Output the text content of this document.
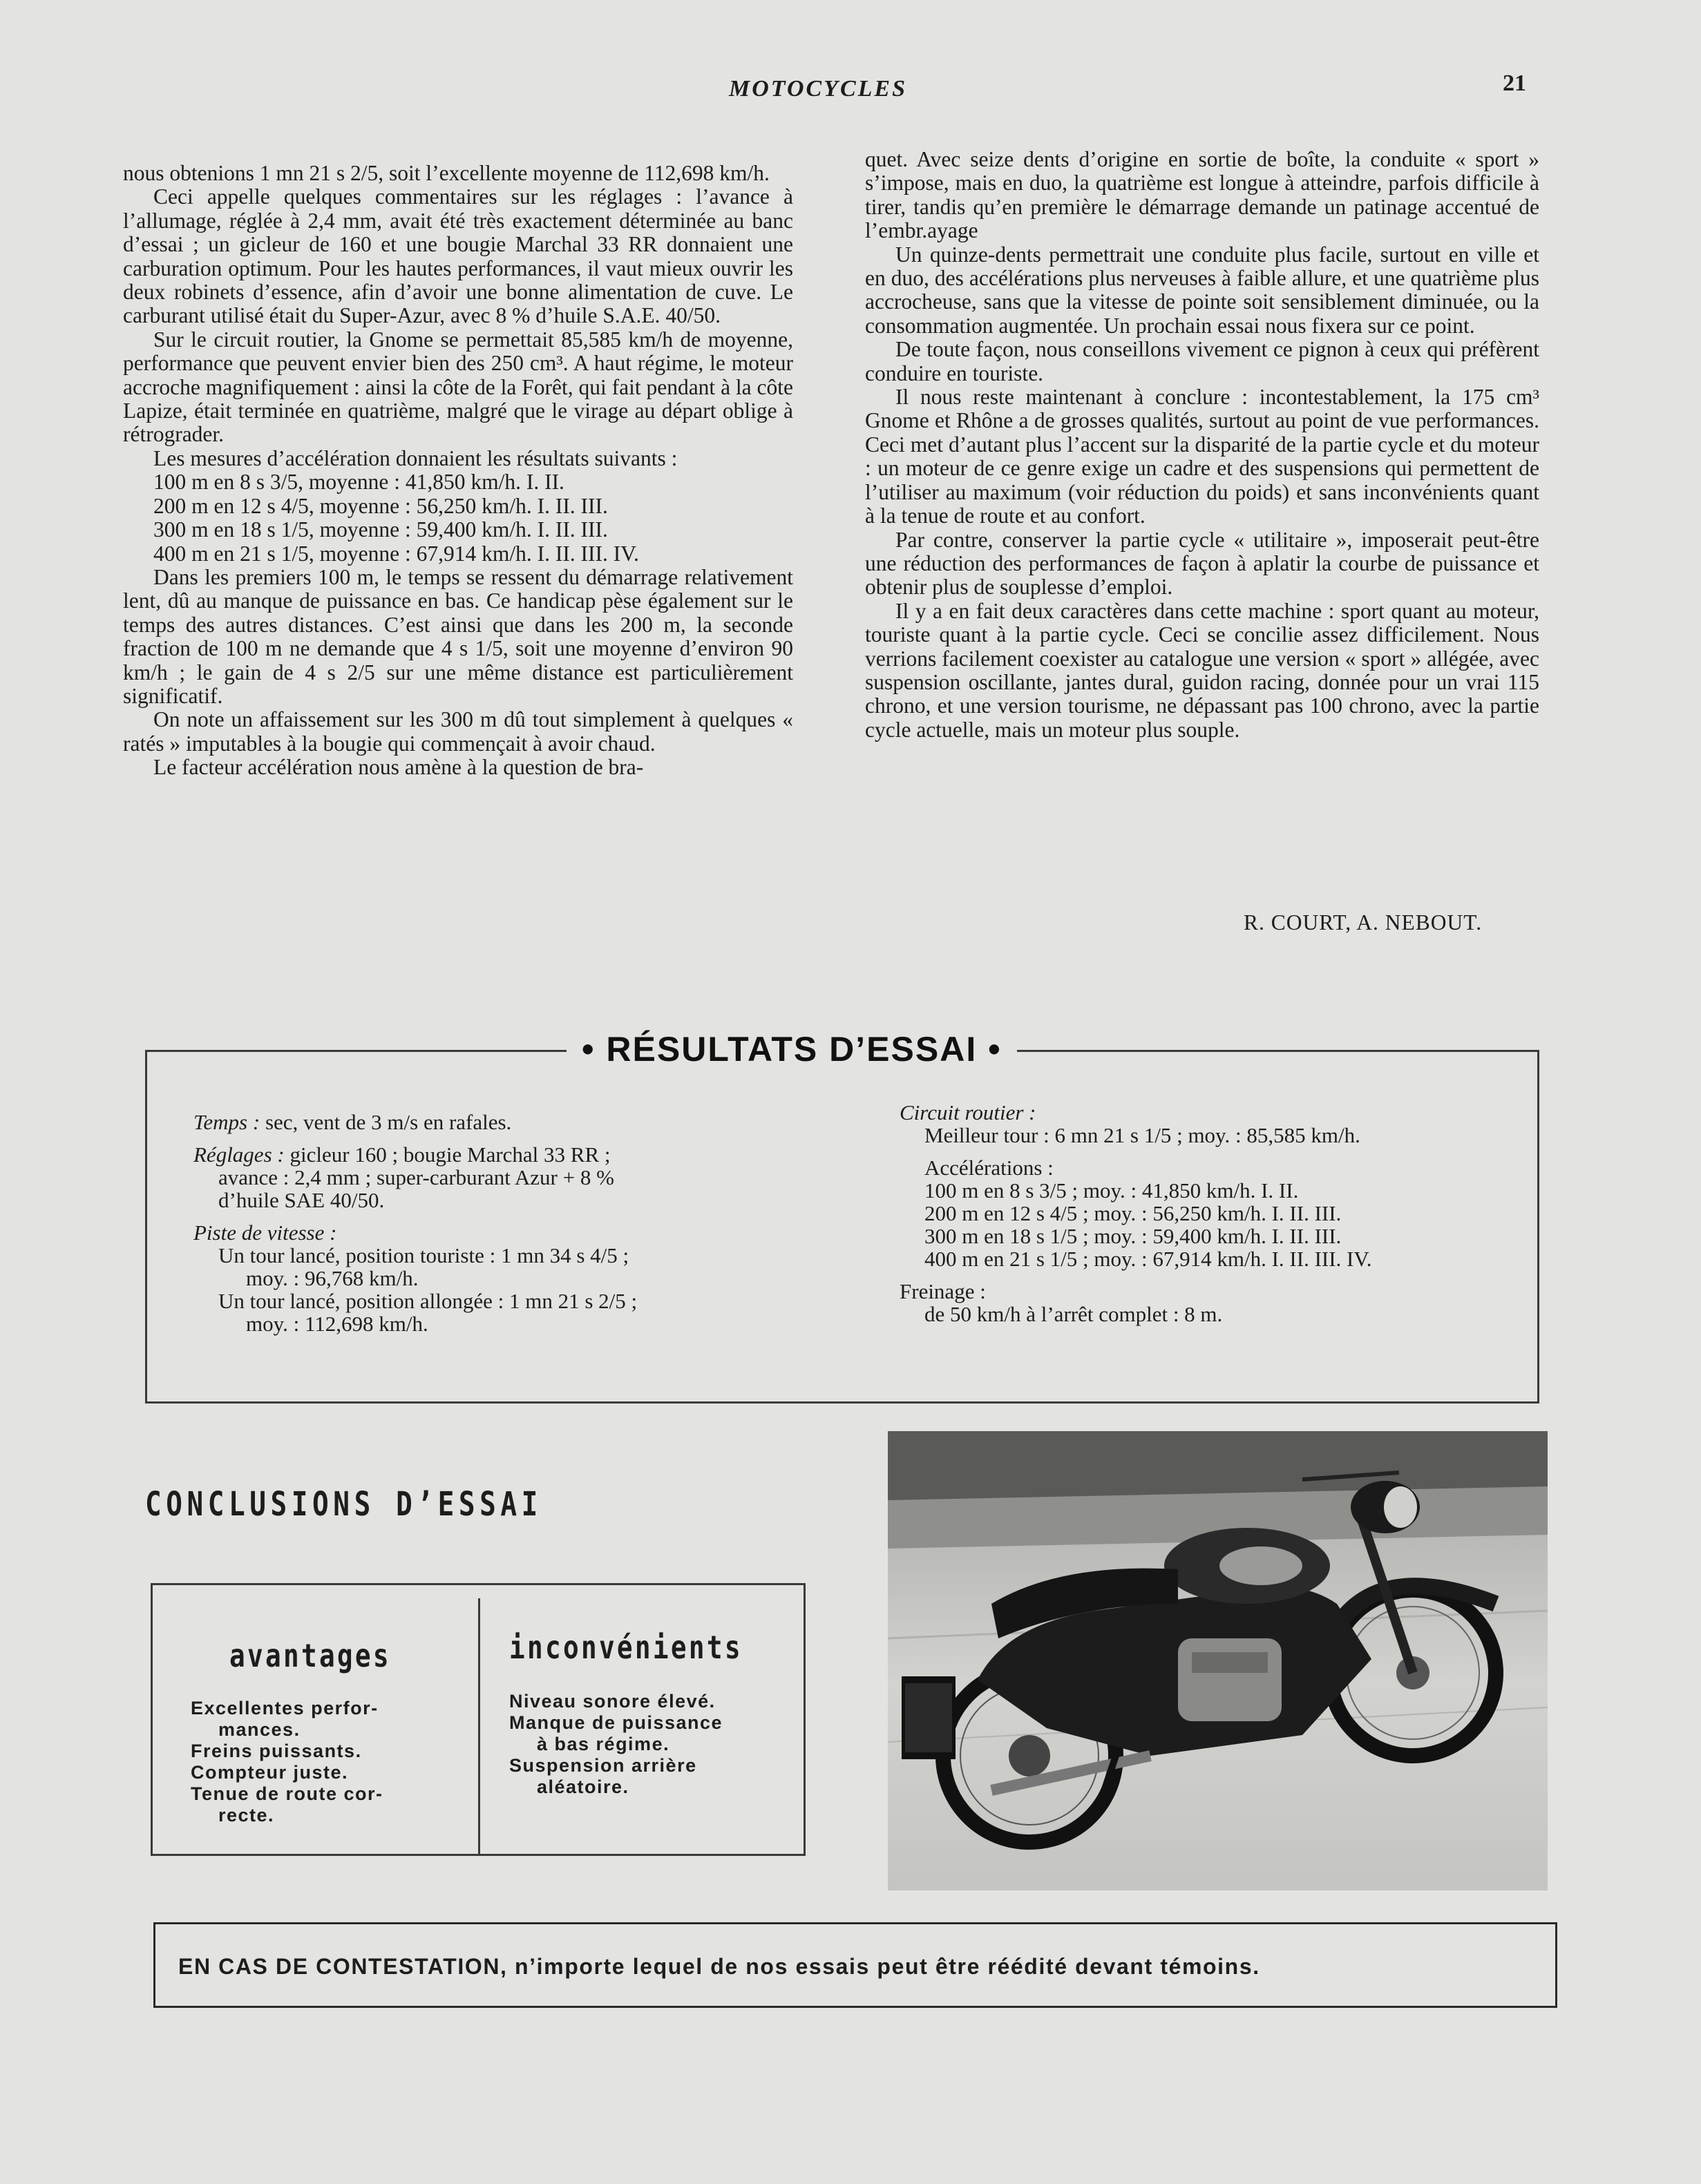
MOTOCYCLES	21

nous obtenions 1 mn 21 s 2/5, soit l’excellente moyenne de 112,698 km/h.

Ceci appelle quelques commentaires sur les réglages : l’avance à l’allumage, réglée à 2,4 mm, avait été très exactement déterminée au banc d’essai ; un gicleur de 160 et une bougie Marchal 33 RR donnaient une carburation optimum. Pour les hautes performances, il vaut mieux ouvrir les deux robinets d’essence, afin d’avoir une bonne alimentation de cuve. Le carburant utilisé était du Super-Azur, avec 8 % d’huile S.A.E. 40/50.

Sur le circuit routier, la Gnome se permettait 85,585 km/h de moyenne, performance que peuvent envier bien des 250 cm³. A haut régime, le moteur accroche magnifiquement : ainsi la côte de la Forêt, qui fait pendant à la côte Lapize, était terminée en quatrième, malgré que le virage au départ oblige à rétrograder.

Les mesures d’accélération donnaient les résultats suivants :

100 m en 8 s 3/5, moyenne : 41,850 km/h. I. II.

200 m en 12 s 4/5, moyenne : 56,250 km/h. I. II. III.

300 m en 18 s 1/5, moyenne : 59,400 km/h. I. II. III.

400 m en 21 s 1/5, moyenne : 67,914 km/h. I. II. III. IV.

Dans les premiers 100 m, le temps se ressent du démarrage relativement lent, dû au manque de puissance en bas. Ce handicap pèse également sur le temps des autres distances. C’est ainsi que dans les 200 m, la seconde fraction de 100 m ne demande que 4 s 1/5, soit une moyenne d’environ 90 km/h ; le gain de 4 s 2/5 sur une même distance est particulièrement significatif.

On note un affaissement sur les 300 m dû tout simplement à quelques « ratés » imputables à la bougie qui commençait à avoir chaud.

Le facteur accélération nous amène à la question de bra-

quet. Avec seize dents d’origine en sortie de boîte, la conduite « sport » s’impose, mais en duo, la quatrième est longue à atteindre, parfois difficile à tirer, tandis qu’en première le démarrage demande un patinage accentué de l’embr.ayage

Un quinze-dents permettrait une conduite plus facile, surtout en ville et en duo, des accélérations plus nerveuses à faible allure, et une quatrième plus accrocheuse, sans que la vitesse de pointe soit sensiblement diminuée, ou la consommation augmentée. Un prochain essai nous fixera sur ce point.

De toute façon, nous conseillons vivement ce pignon à ceux qui préfèrent conduire en touriste.

Il nous reste maintenant à conclure : incontestablement, la 175 cm³ Gnome et Rhône a de grosses qualités, surtout au point de vue performances. Ceci met d’autant plus l’accent sur la disparité de la partie cycle et du moteur : un moteur de ce genre exige un cadre et des suspensions qui permettent de l’utiliser au maximum (voir réduction du poids) et sans inconvénients quant à la tenue de route et au confort.

Par contre, conserver la partie cycle « utilitaire », imposerait peut-être une réduction des performances de façon à aplatir la courbe de puissance et obtenir plus de souplesse d’emploi.

Il y a en fait deux caractères dans cette machine : sport quant au moteur, touriste quant à la partie cycle. Ceci se concilie assez difficilement. Nous verrions facilement coexister au catalogue une version « sport » allégée, avec suspension oscillante, jantes dural, guidon racing, donnée pour un vrai 115 chrono, et une version tourisme, ne dépassant pas 100 chrono, avec la partie cycle actuelle, mais un moteur plus souple.

R. COURT, A. NEBOUT.
• RÉSULTATS D’ESSAI •
Temps : sec, vent de 3 m/s en rafales.
Réglages : gicleur 160 ; bougie Marchal 33 RR ;
avance : 2,4 mm ; super-carburant Azur + 8 %
d’huile SAE 40/50.
Piste de vitesse :
Un tour lancé, position touriste : 1 mn 34 s 4/5 ;
moy. : 96,768 km/h.
Un tour lancé, position allongée : 1 mn 21 s 2/5 ;
moy. : 112,698 km/h.
Circuit routier :
Meilleur tour : 6 mn 21 s 1/5 ; moy. : 85,585 km/h.
Accélérations :
100 m en 8 s 3/5 ; moy. : 41,850 km/h. I. II.
200 m en 12 s 4/5 ; moy. : 56,250 km/h. I. II. III.
300 m en 18 s 1/5 ; moy. : 59,400 km/h. I. II. III.
400 m en 21 s 1/5 ; moy. : 67,914 km/h. I. II. III. IV.
Freinage :
de 50 km/h à l’arrêt complet : 8 m.
CONCLUSIONS D’ESSAI
avantages
Excellentes perfor-
mances.
Freins puissants.
Compteur juste.
Tenue de route cor-
recte.
inconvénients
Niveau sonore élevé.
Manque de puissance
à bas régime.
Suspension arrière
aléatoire.
EN CAS DE CONTESTATION, n’importe lequel de nos essais peut être réédité devant témoins.
